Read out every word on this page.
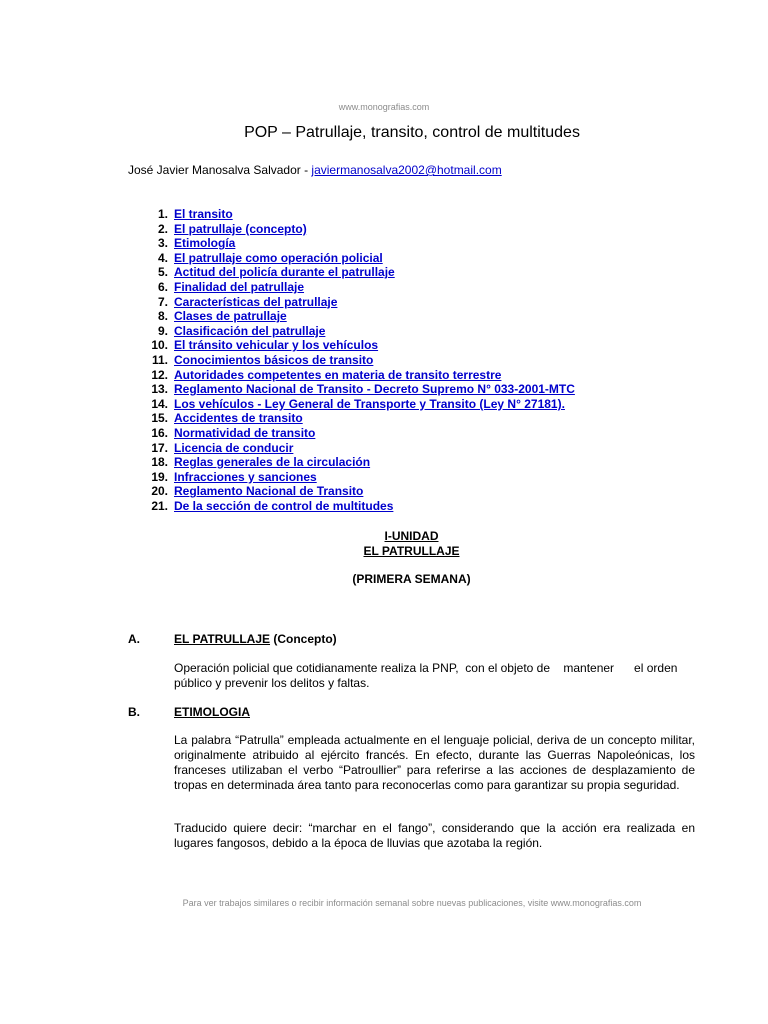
www.monografias.com
POP – Patrullaje, transito, control de multitudes
José Javier Manosalva Salvador - javiermanosalva2002@hotmail.com
1. El transito
2. El patrullaje (concepto)
3. Etimología
4. El patrullaje como operación policial
5. Actitud del policía durante el patrullaje
6. Finalidad del patrullaje
7. Características del patrullaje
8. Clases de patrullaje
9. Clasificación del patrullaje
10. El tránsito vehicular y los vehículos
11. Conocimientos básicos de transito
12. Autoridades competentes en materia de transito terrestre
13. Reglamento Nacional de Transito - Decreto Supremo N° 033-2001-MTC
14. Los vehículos - Ley General de Transporte y Transito (Ley N° 27181).
15. Accidentes de transito
16. Normatividad de transito
17. Licencia de conducir
18. Reglas generales de la circulación
19. Infracciones y sanciones
20. Reglamento Nacional de Transito
21. De la sección de control de multitudes
I-UNIDAD
EL PATRULLAJE
(PRIMERA SEMANA)
A.	EL PATRULLAJE (Concepto)
Operación policial que cotidianamente realiza la PNP,  con el objeto de    mantener      el orden público y prevenir los delitos y faltas.
B.	ETIMOLOGIA
La palabra “Patrulla” empleada actualmente en el lenguaje policial, deriva de un concepto militar, originalmente atribuido al ejército francés. En efecto, durante las Guerras Napoleónicas, los franceses utilizaban el verbo “Patroullier” para referirse a las acciones de desplazamiento de tropas en determinada área tanto para reconocerlas como para garantizar su propia seguridad.
Traducido quiere decir: “marchar en el fango”, considerando que la acción era realizada en lugares fangosos, debido a la época de lluvias que azotaba la región.
Para ver trabajos similares o recibir información semanal sobre nuevas publicaciones, visite www.monografias.com
